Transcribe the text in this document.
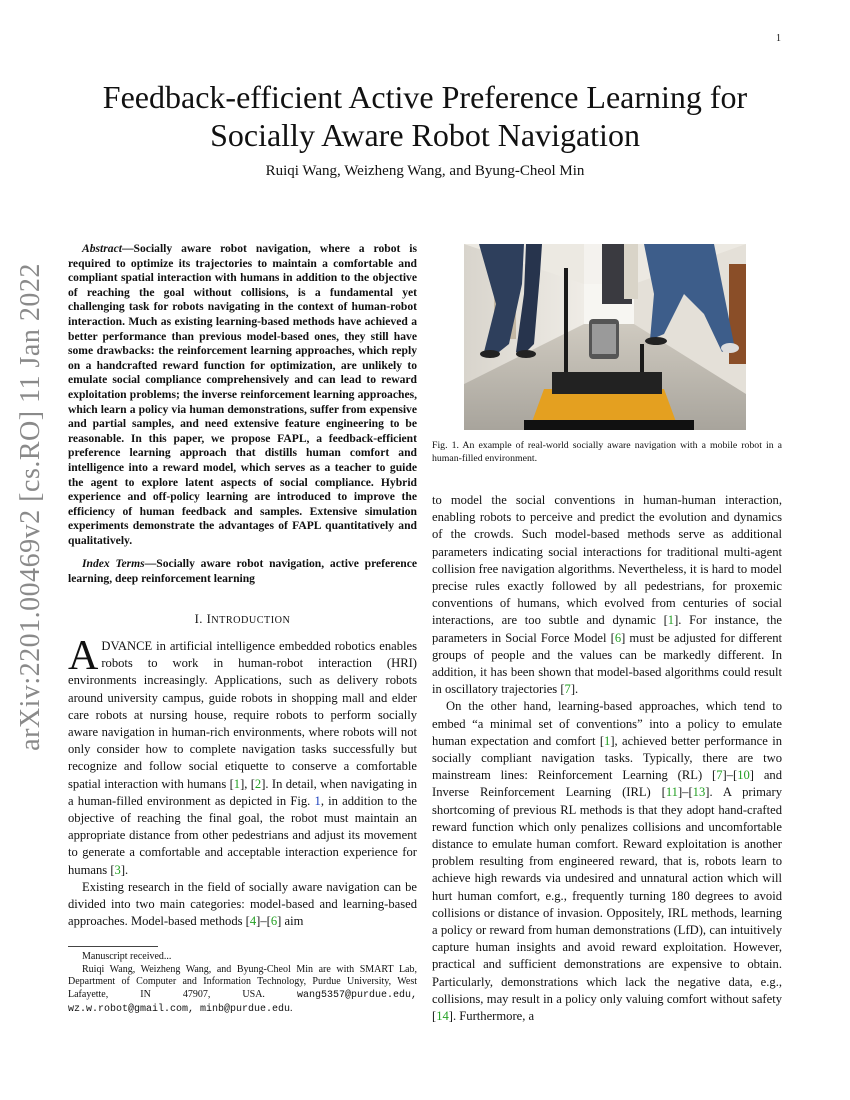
1
arXiv:2201.00469v2 [cs.RO] 11 Jan 2022
Feedback-efficient Active Preference Learning for
Socially Aware Robot Navigation
Ruiqi Wang, Weizheng Wang, and Byung-Cheol Min

Abstract—Socially aware robot navigation, where a robot is required to optimize its trajectories to maintain a comfortable and compliant spatial interaction with humans in addition to the objective of reaching the goal without collisions, is a fundamental yet challenging task for robots navigating in the context of human-robot interaction. Much as existing learning-based methods have achieved a better performance than previous model-based ones, they still have some drawbacks: the reinforcement learning approaches, which reply on a handcrafted reward function for optimization, are unlikely to emulate social compliance comprehensively and can lead to reward exploitation problems; the inverse reinforcement learning approaches, which learn a policy via human demonstrations, suffer from expensive and partial samples, and need extensive feature engineering to be reasonable. In this paper, we propose FAPL, a feedback-efficient preference learning approach that distills human comfort and intelligence into a reward model, which serves as a teacher to guide the agent to explore latent aspects of social compliance. Hybrid experience and off-policy learning are introduced to improve the efficiency of human feedback and samples. Extensive simulation experiments demonstrate the advantages of FAPL quantitatively and qualitatively.

Index Terms—Socially aware robot navigation, active preference learning, deep reinforcement learning

I. INTRODUCTION

ADVANCE in artificial intelligence embedded robotics enables robots to work in human-robot interaction (HRI) environments increasingly. Applications, such as delivery robots around university campus, guide robots in shopping mall and elder care robots at nursing house, require robots to perform socially aware navigation in human-rich environments, where robots will not only consider how to complete navigation tasks successfully but recognize and follow social etiquette to conserve a comfortable spatial interaction with humans [1], [2]. In detail, when navigating in a human-filled environment as depicted in Fig. 1, in addition to the objective of reaching the final goal, the robot must maintain an appropriate distance from other pedestrians and adjust its movement to generate a comfortable and acceptable interaction experience for humans [3].

Existing research in the field of socially aware navigation can be divided into two main categories: model-based and learning-based approaches. Model-based methods [4]–[6] aim

Manuscript received...

Ruiqi Wang, Weizheng Wang, and Byung-Cheol Min are with SMART Lab, Department of Computer and Information Technology, Purdue University, West Lafayette, IN 47907, USA. wang5357@purdue.edu, wz.w.robot@gmail.com, minb@purdue.edu.

Fig. 1. An example of real-world socially aware navigation with a mobile robot in a human-filled environment.

to model the social conventions in human-human interaction, enabling robots to perceive and predict the evolution and dynamics of the crowds. Such model-based methods serve as additional parameters indicating social interactions for traditional multi-agent collision free navigation algorithms. Nevertheless, it is hard to model precise rules exactly followed by all pedestrians, for proxemic conventions of humans, which evolved from centuries of social interactions, are too subtle and dynamic [1]. For instance, the parameters in Social Force Model [6] must be adjusted for different groups of people and the values can be markedly different. In addition, it has been shown that model-based algorithms could result in oscillatory trajectories [7].

On the other hand, learning-based approaches, which tend to embed “a minimal set of conventions” into a policy to emulate human expectation and comfort [1], achieved better performance in socially compliant navigation tasks. Typically, there are two mainstream lines: Reinforcement Learning (RL) [7]–[10] and Inverse Reinforcement Learning (IRL) [11]–[13]. A primary shortcoming of previous RL methods is that they adopt hand-crafted reward function which only penalizes collisions and uncomfortable distance to emulate human comfort. Reward exploitation is another problem resulting from engineered reward, that is, robots learn to achieve high rewards via undesired and unnatural action which will hurt human comfort, e.g., frequently turning 180 degrees to avoid collisions or distance of invasion. Oppositely, IRL methods, learning a policy or reward from human demonstrations (LfD), can intuitively capture human insights and avoid reward exploitation. However, practical and sufficient demonstrations are expensive to obtain. Particularly, demonstrations which lack the negative data, e.g., collisions, may result in a policy only valuing comfort without safety [14]. Furthermore, a
